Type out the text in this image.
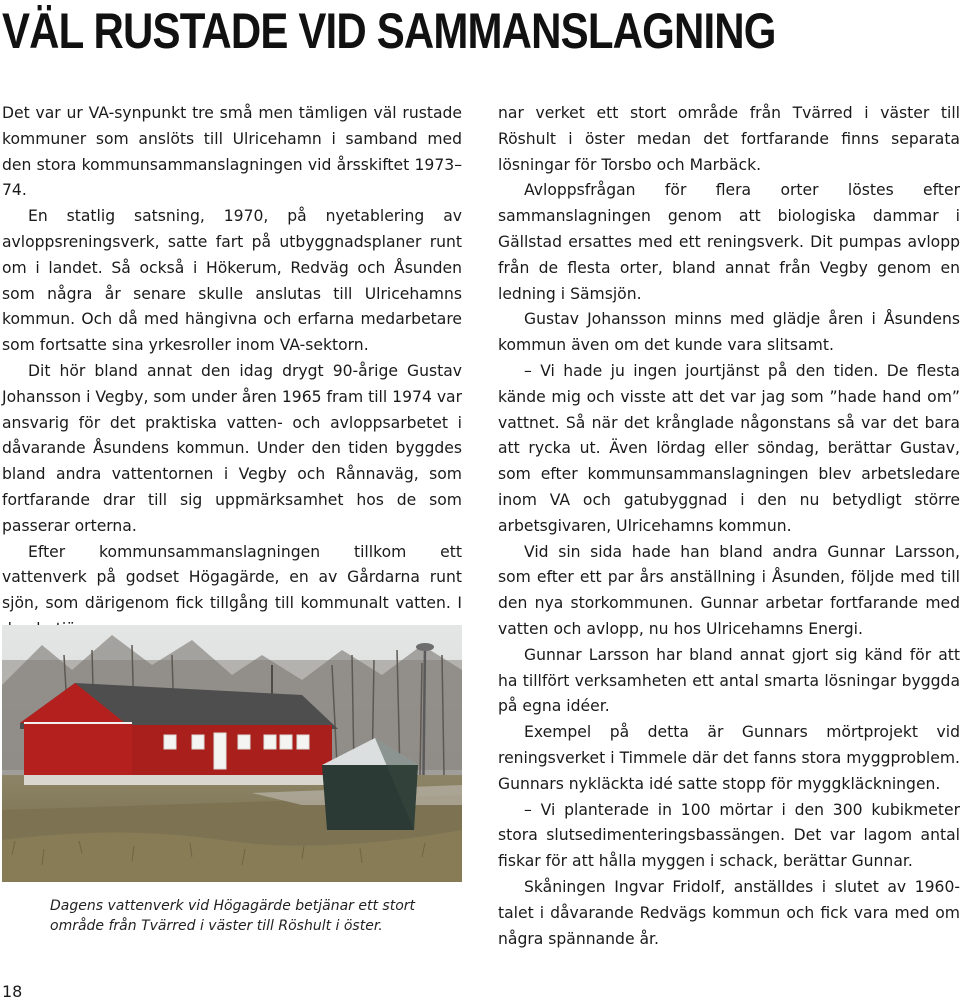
VÄL RUSTADE VID SAMMANSLAGNING

Det var ur VA-synpunkt tre små men tämligen väl rustade kommuner som anslöts till Ulricehamn i samband med den stora kommunsammanslagningen vid årsskiftet 1973–74.

En statlig satsning, 1970, på nyetablering av avloppsreningsverk, satte fart på utbyggnadsplaner runt om i landet. Så också i Hökerum, Redväg och Åsunden som några år senare skulle anslutas till Ulricehamns kommun. Och då med hängivna och erfarna medarbetare som fortsatte sina yrkesroller inom VA-sektorn.

Dit hör bland annat den idag drygt 90-årige Gustav Johansson i Vegby, som under åren 1965 fram till 1974 var ansvarig för det praktiska vatten- och avloppsarbetet i dåvarande Åsundens kommun. Under den tiden byggdes bland andra vattentornen i Vegby och Rånnaväg, som fortfarande drar till sig uppmärksamhet hos de som passerar orterna.

Efter kommunsammanslagningen tillkom ett vattenverk på godset Högagärde, en av Gårdarna runt sjön, som därigenom fick tillgång till kommunalt vatten. I

Dagens vattenverk vid Högagärde betjänar ett stort område från Tvärred i väster till Röshult i öster.

nar verket ett stort område från Tvärred i väster till Röshult i öster medan det fortfarande finns separata lösningar för Torsbo och Marbäck.

Avloppsfrågan för flera orter löstes efter sammanslagningen genom att biologiska dammar i Gällstad ersattes med ett reningsverk. Dit pumpas avlopp från de flesta orter, bland annat från Vegby genom en ledning i Sämsjön.

Gustav Johansson minns med glädje åren i Åsundens kommun även om det kunde vara slitsamt.

– Vi hade ju ingen jourtjänst på den tiden. De flesta kände mig och visste att det var jag som ”hade hand om” vattnet. Så när det krånglade någonstans så var det bara att rycka ut. Även lördag eller söndag, berättar Gustav, som efter kommunsammanslagningen blev arbetsledare inom VA och gatubyggnad i den nu betydligt större arbetsgivaren, Ulricehamns kommun.

Vid sin sida hade han bland andra Gunnar Larsson, som efter ett par års anställning i Åsunden, följde med till den nya storkommunen. Gunnar arbetar fortfarande med vatten och avlopp, nu hos Ulricehamns Energi.

Gunnar Larsson har bland annat gjort sig känd för att ha tillfört verksamheten ett antal smarta lösningar byggda på egna idéer.

Exempel på detta är Gunnars mörtprojekt vid reningsverket i Timmele där det fanns stora myggproblem. Gunnars nykläckta idé satte stopp för myggkläckningen.

– Vi planterade in 100 mörtar i den 300 kubikmeter stora slutsedimenteringsbassängen. Det var lagom antal fiskar för att hålla myggen i schack, berättar Gunnar.

Skåningen Ingvar Fridolf, anställdes i slutet av 1960-talet i dåvarande Redvägs kommun och fick vara med om några spännande år.

18
